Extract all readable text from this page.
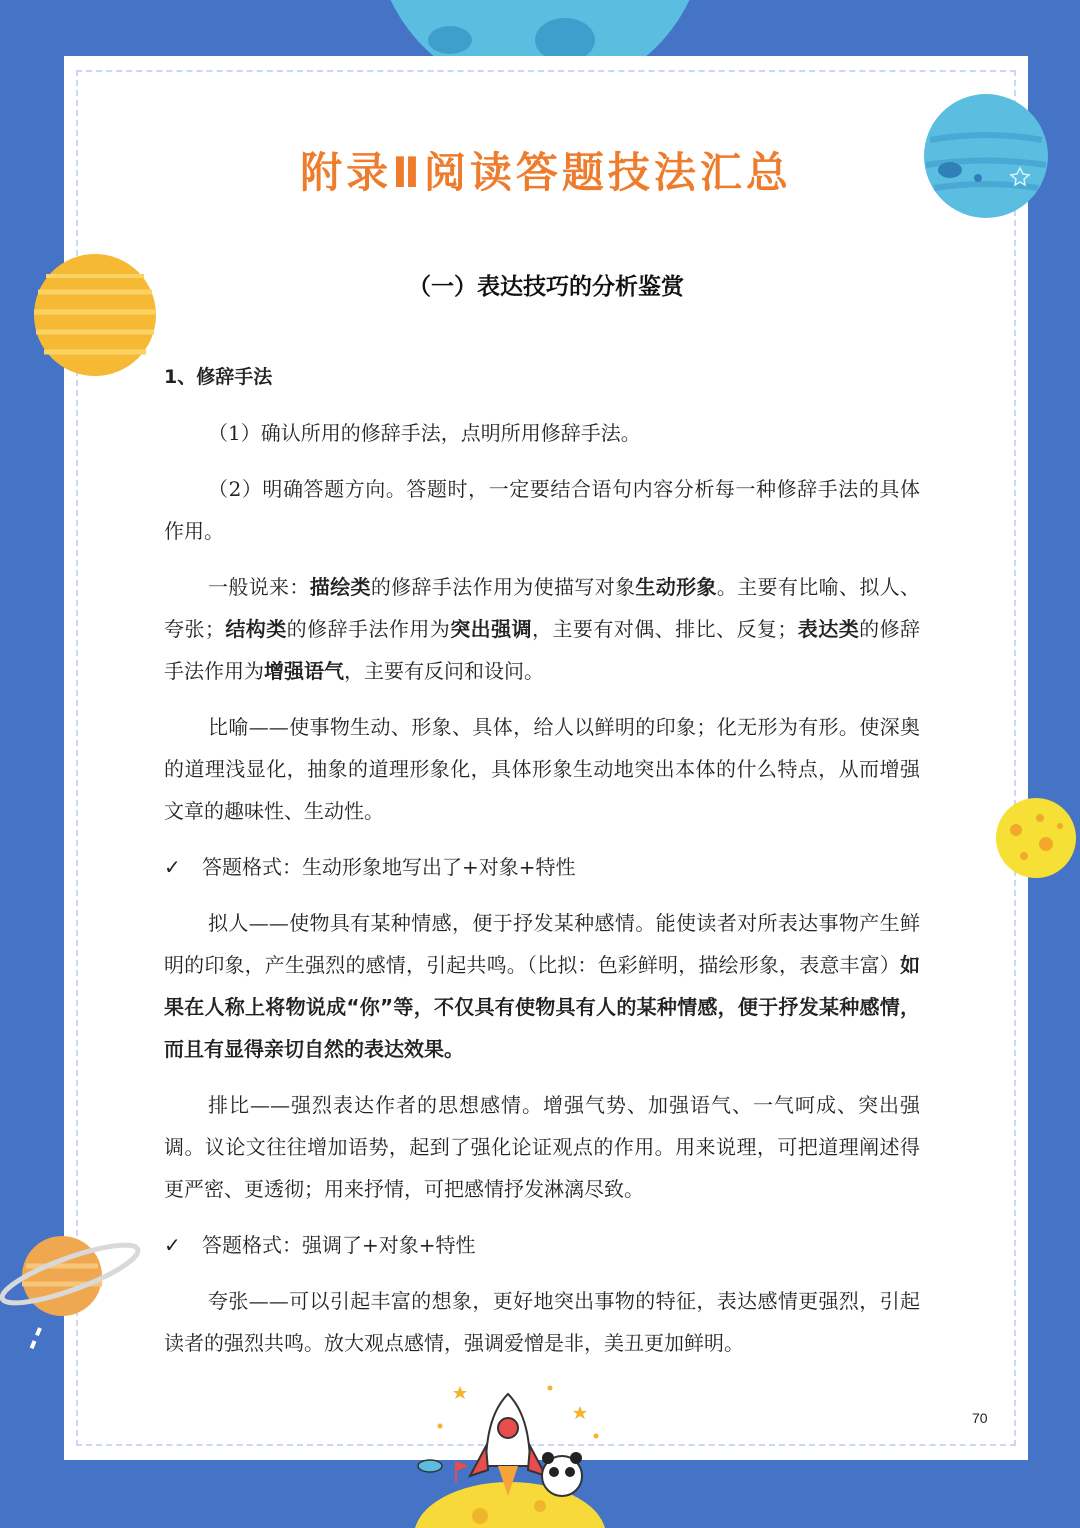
附录Ⅱ阅读答题技法汇总
（一）表达技巧的分析鉴赏

1、修辞手法

（1）确认所用的修辞手法，点明所用修辞手法。

（2）明确答题方向。答题时，一定要结合语句内容分析每一种修辞手法的具体作用。

一般说来：描绘类的修辞手法作用为使描写对象生动形象。主要有比喻、拟人、夸张；结构类的修辞手法作用为突出强调，主要有对偶、排比、反复；表达类的修辞手法作用为增强语气，主要有反问和设问。

比喻——使事物生动、形象、具体，给人以鲜明的印象；化无形为有形。使深奥的道理浅显化，抽象的道理形象化，具体形象生动地突出本体的什么特点，从而增强文章的趣味性、生动性。

✓	答题格式：生动形象地写出了+对象+特性

拟人——使物具有某种情感，便于抒发某种感情。能使读者对所表达事物产生鲜明的印象，产生强烈的感情，引起共鸣。（比拟：色彩鲜明，描绘形象，表意丰富）如果在人称上将物说成“你”等，不仅具有使物具有人的某种情感，便于抒发某种感情，而且有显得亲切自然的表达效果。

排比——强烈表达作者的思想感情。增强气势、加强语气、一气呵成、突出强调。议论文往往增加语势，起到了强化论证观点的作用。用来说理，可把道理阐述得更严密、更透彻；用来抒情，可把感情抒发淋漓尽致。

✓	答题格式：强调了+对象+特性

夸张——可以引起丰富的想象，更好地突出事物的特征，表达感情更强烈，引起读者的强烈共鸣。放大观点感情，强调爱憎是非，美丑更加鲜明。

70
